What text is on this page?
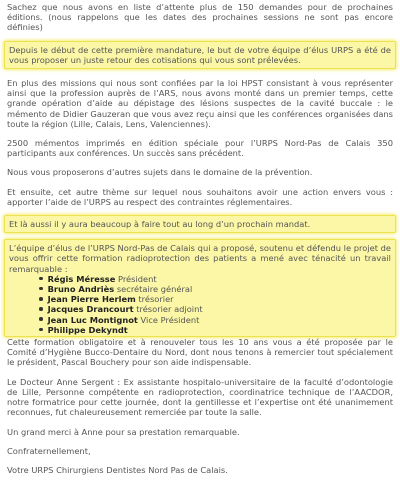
Sachez que nous avons en liste d’attente plus de 150 demandes pour de prochaines éditions. (nous rappelons que les dates des prochaines sessions ne sont pas encore définies)

Depuis le début de cette première mandature, le but de votre équipe d’élus URPS a été de vous proposer un juste retour des cotisations qui vous sont prélevées.

En plus des missions qui nous sont confiées par la loi HPST consistant à vous représenter ainsi que la profession auprès de l’ARS, nous avons monté dans un premier temps, cette grande opération d’aide au dépistage des lésions suspectes de la cavité buccale : le mémento de Didier Gauzeran que vous avez reçu ainsi que les conférences organisées dans toute la région (Lille, Calais, Lens, Valenciennes).

2500 mémentos imprimés en édition spéciale pour l’URPS Nord-Pas de Calais 350 participants aux conférences. Un succès sans précédent.

Nous vous proposerons d’autres sujets dans le domaine de la prévention.

Et ensuite, cet autre thème sur lequel nous souhaitons avoir une action envers vous : apporter l’aide de l’URPS au respect des contraintes réglementaires.

Et là aussi il y aura beaucoup à faire tout au long d’un prochain mandat.

L’équipe d’élus de l’URPS Nord-Pas de Calais qui a proposé, soutenu et défendu le projet de vous offrir cette formation radioprotection des patients a mené avec ténacité un travail remarquable :

Régis Méresse Président
Bruno Andriès secrétaire général
Jean Pierre Herlem trésorier
Jacques Drancourt trésorier adjoint
Jean Luc Montignot Vice Président
Philippe Dekyndt

Cette formation obligatoire et à renouveler tous les 10 ans vous a été proposée par le Comité d’Hygiène Bucco-Dentaire du Nord, dont nous tenons à remercier tout spécialement le président, Pascal Bouchery pour son aide indispensable.

Le Docteur Anne Sergent : Ex assistante hospitalo-universitaire de la faculté d’odontologie de Lille, Personne compétente en radioprotection, coordinatrice technique de l’AACDOR, notre formatrice pour cette journée, dont la gentillesse et l’expertise ont été unanimement reconnues, fut chaleureusement remerciée par toute la salle.

Un grand merci à Anne pour sa prestation remarquable.

Confraternellement,

Votre URPS Chirurgiens Dentistes Nord Pas de Calais.
